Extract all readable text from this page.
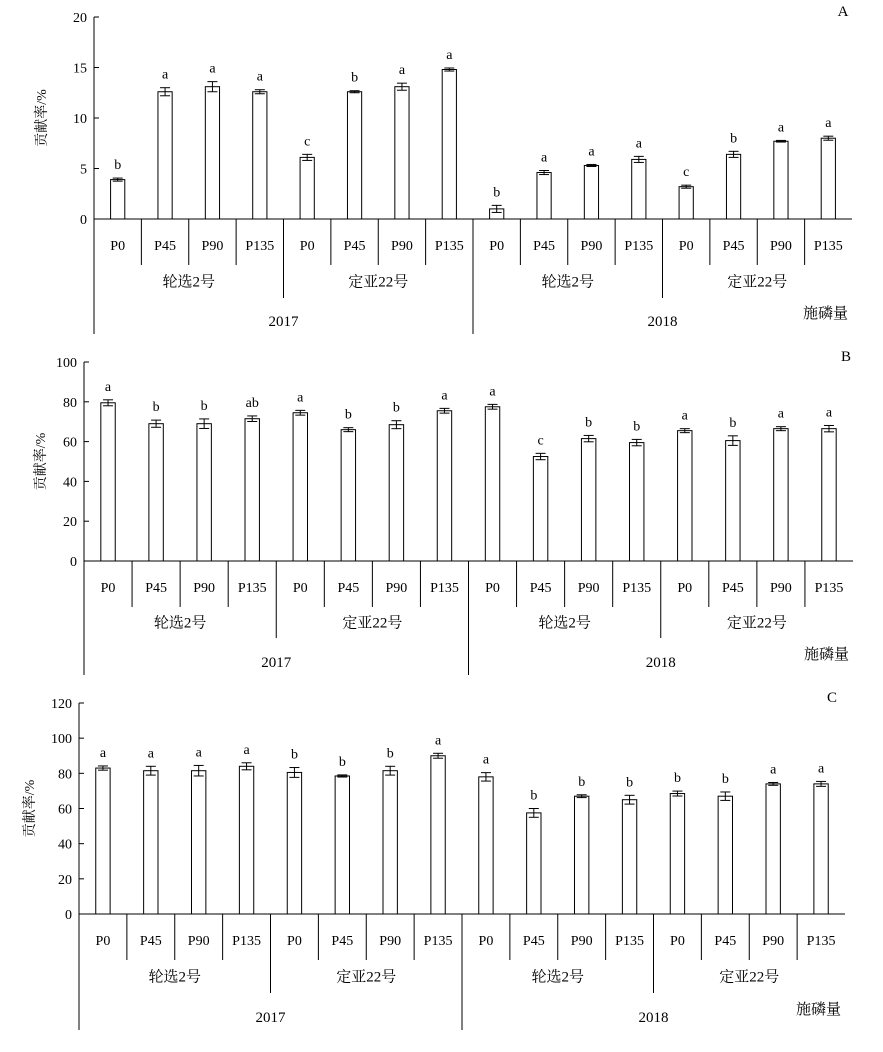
0
5
10
15
20
贡献率/%
A
b
P0
a
P45
a
P90
a
P135
c
P0
b
P45
a
P90
a
P135
b
P0
a
P45
a
P90
a
P135
c
P0
b
P45
a
P90
a
P135
轮选2号	定亚22号	轮选2号	定亚22号
2017	2018	施磷量
0
20
40
60
80
100
贡献率/%
B
a
P0
b
P45
b
P90
ab
P135
a
P0
b
P45
b
P90
a
P135
a
P0
c
P45
b
P90
b
P135
a
P0
b
P45
a
P90
a
P135
轮选2号	定亚22号	轮选2号	定亚22号
2017	2018	施磷量
0
20
40
60
80
100
120
贡献率/%
C
a
P0
a
P45
a
P90
a
P135
b
P0
b
P45
b
P90
a
P135
a
P0
b
P45
b
P90
b
P135
b
P0
b
P45
a
P90
a
P135
轮选2号	定亚22号	轮选2号	定亚22号
2017	2018	施磷量
